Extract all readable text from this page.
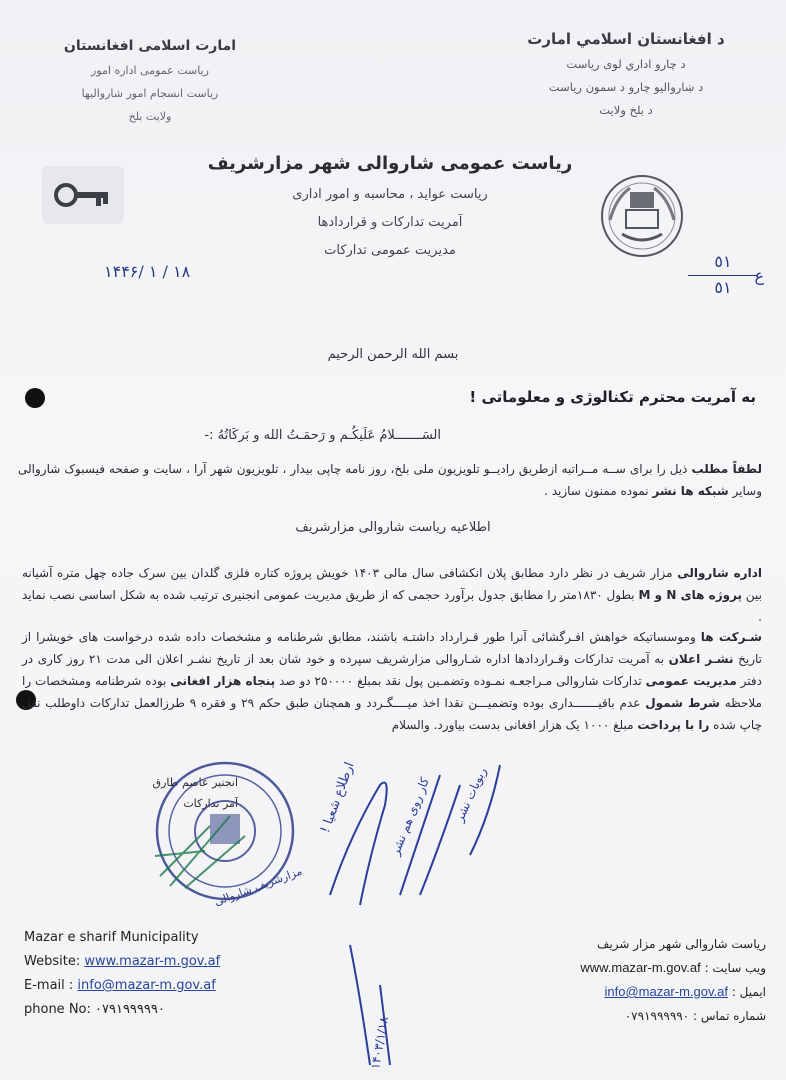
د افغانستان اسلامي امارت
د چارو اداري لوی رياست
د ښاروالیو چارو د سمون رياست
د بلخ ولايت
امارت اسلامی افغانستان
ریاست عمومی اداره امور
ریاست انسجام امور شاروالیها
ولایت بلخ
ریاست عمومی شاروالی شهر مزارشریف
ریاست عواید ، محاسبه و امور اداری
آمریت تدارکات و قراردادها
مدیریت عمومی تدارکات
۱۴۴۶/ ۱ / ۱۸
٥١
٥١
ع
بسم الله الرحمن الرحیم
به آمریت محترم تکنالوژی و معلوماتی !
السَـــــــلامُ عَلَیکُـم و رَحمَـتُ الله و بَرکَاتُهُ :-
لطفاً مطلب ذیل را برای ســه مــراتبه ازطریق رادیــو تلویزیون ملی بلخ، روز نامه چاپی بیدار ، تلویزیون شهر آرا ، سایت و صفحه فیسبوک شاروالی وسایر شبکه ها نشر نموده ممنون سازید .
اطلاعیه ریاست شاروالی مزارشریف
اداره شاروالی مزار شریف در نظر دارد مطابق پلان انکشافی سال مالی ۱۴۰۳ خویش پروژه کتاره فلزی گلدان بین سرک جاده چهل متره آشیانه بین پروژه های N و M بطول ۱۸۳۰متر را مطابق جدول برآورد حجمی که از طریق مدیریت عمومی انجنیری ترتیب شده به شکل اساسی نصب نماید .
شـرکت ها وموسساتیکه خواهش افـرگشائی آنرا طور قـرارداد داشتـه باشند، مطابق شرطنامه و مشخصات داده شده درخواست های خویشرا از تاریخ نشـر اعلان به آمریت تدارکات وقـراردادها اداره شـاروالی مزارشریف سپرده و خود شان بعد از تاریخ نشـر اعلان الی مدت ۲۱ روز کاری در دفتر مدیریت عمومی تدارکات شاروالی مـراجعـه نمـوده وتضمـین پول نقد بمبلغ ۲۵۰۰۰۰ دو صد پنجاه هزار افغانی بوده شرطنامه ومشخصات را ملاحظه شرط شمول عدم باقیـــــــداری بوده وتضمیـــن نقدا اخذ میــــگـردد و همچنان طبق حکم ۲۹ و فقره ۹ طرزالعمل تدارکات داوطلب نقل چاپ شده را با پرداخت مبلغ ۱۰۰۰ یک هزار افغانی بدست بیاورد. والسلام
انجنیر عاصم طارق
آمر تدارکات
مزارشریف شاروالی
ارطلاع شعیا !	کار روی هم نشر ربویات نشر
۱۴۰۳/۱/۱۸
Mazar e sharif Municipality
Website: www.mazar-m.gov.af
E-mail : info@mazar-m.gov.af
phone No: ۰۷۹۱۹۹۹۹۹۰
ریاست شاروالی شهر مزار شریف
www.mazar-m.gov.af ویب سایت :
info@mazar-m.gov.af ایمیل :
۰۷۹۱۹۹۹۹۹۰ شماره تماس :
